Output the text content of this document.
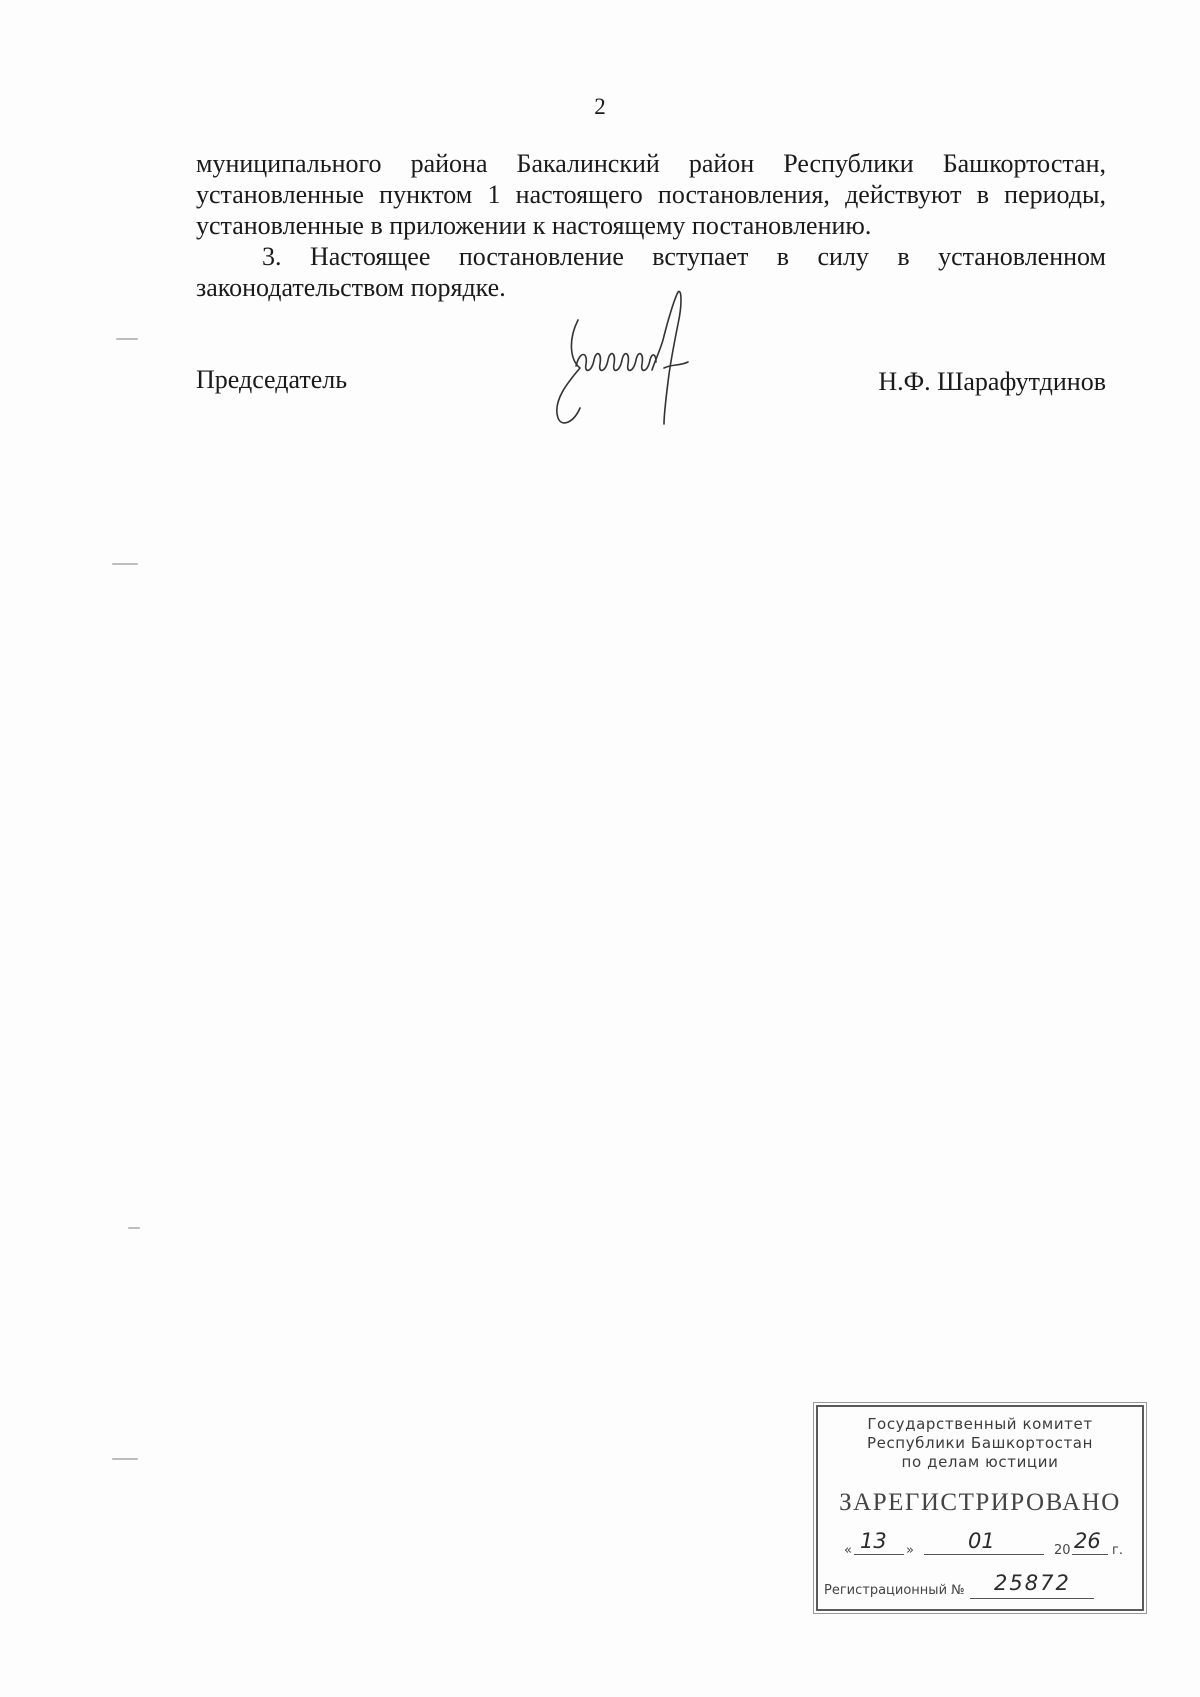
2

муниципального района Бакалинский район Республики Башкортостан, установленные пунктом 1 настоящего постановления, действуют в периоды, установленные в приложении к настоящему постановлению.

3. Настоящее постановление вступает в силу в установленном законодательством порядке.

Председатель	Н.Ф. Шарафутдинов
Государственный комитет
Республики Башкортостан
по делам юстиции
ЗАРЕГИСТРИРОВАНО
« 13 »	01	20 26 г.
Регистрационный № 25872
